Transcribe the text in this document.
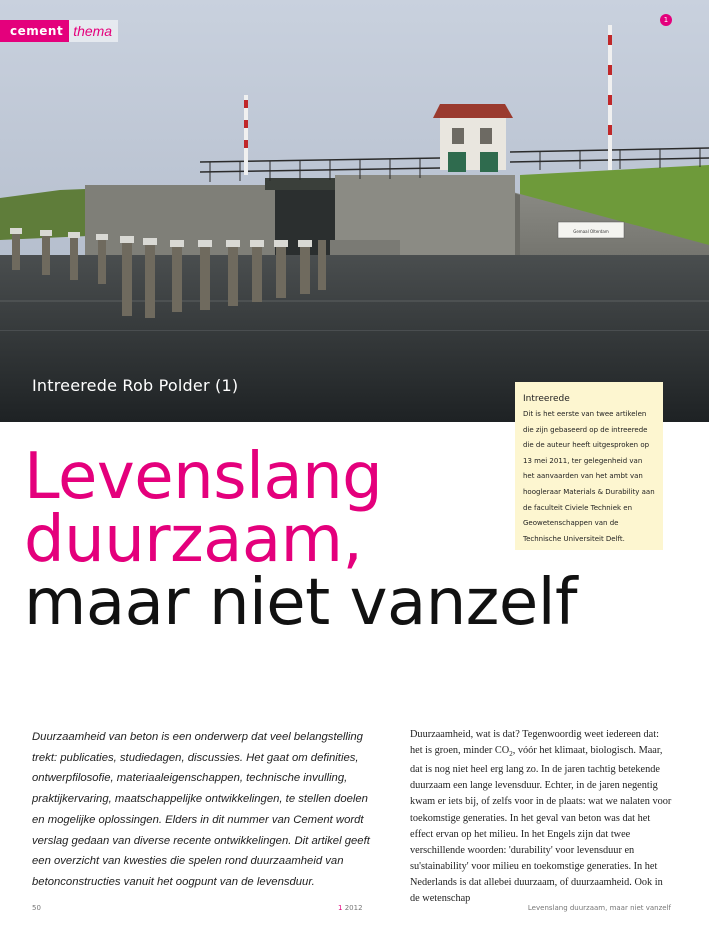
Gemaal Olterdam
cement thema
1
Intreerede Rob Polder (1)
Intreerede
Dit is het eerste van twee artikelen die zijn gebaseerd op de intreerede die de auteur heeft uitgesproken op 13 mei 2011, ter gelegenheid van het aanvaarden van het ambt van hoogleraar Materials & Durability aan de faculteit Civiele Techniek en Geowetenschappen van de Technische Universiteit Delft.
Levenslang
duurzaam,
maar niet vanzelf
Duurzaamheid van beton is een onderwerp dat veel belangstelling trekt: publicaties, studiedagen, discussies. Het gaat om definities, ontwerpfilosofie, materiaaleigenschappen, technische invulling, praktijkervaring, maatschappelijke ontwikkelingen, te stellen doelen en mogelijke oplossingen. Elders in dit nummer van Cement wordt verslag gedaan van diverse recente ontwikkelingen. Dit artikel geeft een overzicht van kwesties die spelen rond duurzaamheid van betonconstructies vanuit het oogpunt van de levensduur.
Duurzaamheid, wat is dat? Tegenwoordig weet iedereen dat: het is groen, minder $CO_2$, vóór het klimaat, biologisch. Maar, dat is nog niet heel erg lang zo. In de jaren tachtig betekende duurzaam een lange levensduur. Echter, in de jaren negentig kwam er iets bij, of zelfs voor in de plaats: wat we nalaten voor toekomstige generaties. In het geval van beton was dat het effect ervan op het milieu. In het Engels zijn dat twee verschillende woorden: 'durability' voor levensduur en su'stainability' voor milieu en toekomstige generaties. In het Nederlands is dat allebei duurzaam, of duurzaamheid. Ook in de wetenschap
50	1 2012	Levenslang duurzaam, maar niet vanzelf
